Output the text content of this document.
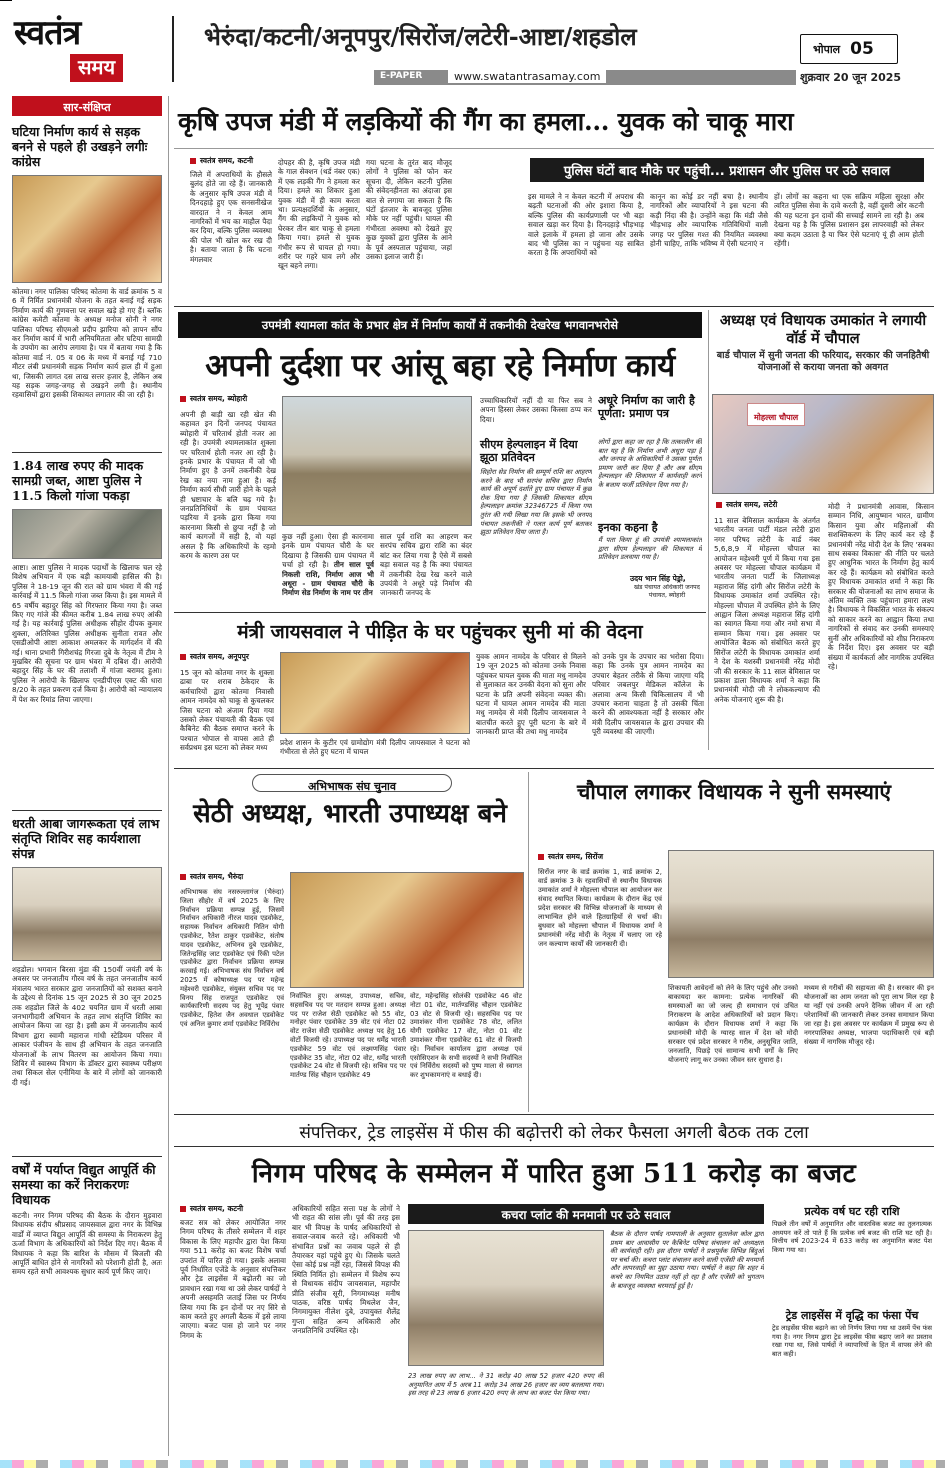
स्वतंत्र
समय
भेरुंदा/कटनी/अनूपपुर/सिरोंज/लटेरी-आष्टा/शहडोल	भोपाल 05
E-PAPER	www.swatantrasamay.com	शुक्रवार 20 जून 2025
सार-संक्षिप्त
घटिया निर्माण कार्य से सड़क बनने से पहले ही उखड़ने लगीः कांग्रेस
कोतमा। नगर पालिका परिषद कोतमा के वार्ड क्रमांक 5 व 6 में निर्मित प्रधानमंत्री योजना के तहत बनाई गई सड़क निर्माण कार्य की गुणवत्ता पर सवाल खड़े हो गए हैं। ब्लॉक कांग्रेस कमेटी कोतमा के अध्यक्ष मनोज सोनी ने नगर पालिका परिषद सीएमओ प्रदीप झारिया को ज्ञापन सौंप कर निर्माण कार्य में भारी अनियमितता और घटिया सामग्री के उपयोग का आरोप लगाया है। पत्र में बताया गया है कि कोतमा वार्ड नं. 05 व 06 के मध्य में बनाई गई 710 मीटर लंबी प्रधानमंत्री सड़क निर्माण कार्य हाल ही में हुआ था, जिसकी लागत दस लाख सत्तर हजार है, लेकिन अब यह सड़क जगह-जगह से उखड़ने लगी है। स्थानीय रहवासियों द्वारा इसकी शिकायत लगातार की जा रही है।
1.84 लाख रुपए की मादक सामग्री जब्त, आष्टा पुलिस ने 11.5 किलो गांजा पकड़ा
आष्टा। आष्टा पुलिस ने मादक पदार्थों के खिलाफ चल रहे विशेष अभियान में एक बड़ी कामयाबी हासिल की है। पुलिस ने 18-19 जून की रात को ग्राम भंवरा में की गई कार्रवाई में 11.5 किलो गांजा जब्त किया है। इस मामले में 65 वर्षीय बहादुर सिंह को गिरफ्तार किया गया है। जब्त किए गए गांजे की कीमत करीब 1.84 लाख रुपए आंकी गई है। यह कार्रवाई पुलिस अधीक्षक सीहोर दीपक कुमार शुक्ला, अतिरिक्त पुलिस अधीक्षक सुनीता रावत और एसडीओपी आष्टा आकाश अमलकर के मार्गदर्शन में की गई। थाना प्रभारी गिरीशचंद्र गिरजा दुबे के नेतृत्व में टीम ने मुखबिर की सूचना पर ग्राम भंवरा में दबिश दी। आरोपी बहादुर सिंह के घर की तलाशी में गांजा बरामद हुआ। पुलिस ने आरोपी के खिलाफ एनडीपीएस एक्ट की धारा 8/20 के तहत प्रकरण दर्ज किया है। आरोपी को न्यायालय में पेश कर रिमांड लिया जाएगा।
धरती आबा जागरूकता एवं लाभ संतृप्ति शिविर सह कार्यशाला संपन्न
शहडोल। भगवान बिरसा मुंडा की 150वीं जयंती वर्ष के अवसर पर जनजातीय गौरव वर्ष के तहत जनजातीय कार्य मंत्रालय भारत सरकार द्वारा जनजातियों को सशक्त बनाने के उद्देश्य से दिनांक 15 जून 2025 से 30 जून 2025 तक शहडोल जिले के 402 चयनित ग्राम में धरती आबा जनभागीदारी अभियान के तहत लाभ संतृप्ति शिविर का आयोजन किया जा रहा है। इसी क्रम में जनजातीय कार्य विभाग द्वारा स्वामी महाराज गांधी स्टेडियम परिसर में आकार पंजीयन के साथ ही अभियान के तहत जनजाति योजनाओं के लाभ वितरण का आयोजन किया गया। शिविर में स्वास्थ्य विभाग के डॉक्टर द्वारा स्वास्थ्य परीक्षण तथा सिकल सेल एनीमिया के बारे में लोगों को जानकारी दी गई।
वर्षों में पर्याप्त विद्युत आपूर्ति की समस्या का करें निराकरणः विधायक
कटनी। नगर निगम परिषद की बैठक के दौरान मुड़वारा विधायक संदीप श्रीप्रसाद जायसवाल द्वारा नगर के विभिन्न वार्डों में व्याप्त विद्युत आपूर्ति की समस्या के निराकरण हेतु ऊर्जा विभाग के अधिकारियों को निर्देश दिए गए। बैठक में विधायक ने कहा कि बारिश के मौसम में बिजली की आपूर्ति बाधित होने से नागरिकों को परेशानी होती है, अतः समय रहते सभी आवश्यक सुधार कार्य पूर्ण किए जाएं।
कृषि उपज मंडी में लड़कियों की गैंग का हमला... युवक को चाकू मारा
स्वतंत्र समय, कटनी
जिले में अपराधियों के हौसले बुलंद होते जा रहे हैं। जानकारी के अनुसार कृषि उपज मंडी में दिनदहाड़े हुए एक सनसनीखेज वारदात ने न केवल आम नागरिकों में भय का माहौल पैदा कर दिया, बल्कि पुलिस व्यवस्था की पोल भी खोल कर रख दी है। बताया जाता है कि घटना मंगलवार
दोपहर की है, कृषि उपज मंडी के गाल सेक्शन (थर्ड नंबर एक) में एक लड़की गैंग ने हमला कर दिया। हमले का शिकार हुआ युवक मंडी में ही काम करता था। प्रत्यक्षदर्शियों के अनुसार, गैंग की लड़कियों ने युवक को घेरकर तीन बार चाकू से हमला किया गया। हमले से युवक गंभीर रूप से घायल हो गया। शरीर पर गहरे घाव लगे और खून बहने लगा।
गया घटना के तुरंत बाद मौजूद लोगों ने पुलिस को फोन कर सूचना दी, लेकिन कटनी पुलिस की संवेदनहीनता का अंदाजा इस बात से लगाया जा सकता है कि घंटों इंतजार के बावजूद पुलिस मौके पर नहीं पहुंची। घायल की गंभीरता अवस्था को देखते हुए कुछ युवकों द्वारा पुलिस के आने के पूर्व अस्पताल पहुंचाया, जहां उसका इलाज जारी है।
पुलिस घंटों बाद मौके पर पहुंची... प्रशासन और पुलिस पर उठे सवाल
इस मामले ने न केवल कटनी में अपराध की बढ़ती घटनाओं की ओर इशारा किया है, बल्कि पुलिस की कार्यप्रणाली पर भी बड़ा सवाल खड़ा कर दिया है। दिनदहाड़े भीड़भाड़ वाले इलाके में हमला हो जाना और उसके बाद भी पुलिस का न पहुंचना यह साबित करता है कि अपराधियों को
कानून का कोई डर नहीं बचा है। स्थानीय नागरिकों और व्यापारियों ने इस घटना की कड़ी निंदा की है। उन्होंने कहा कि मंडी जैसे भीड़भाड़ और व्यापारिक गतिविधियों वाली जगह पर पुलिस गश्त की नियमित व्यवस्था होनी चाहिए, ताकि भविष्य में ऐसी घटनाएं न
हों। लोगों का कहना था एक सक्रिय महिला सुरक्षा और त्वरित पुलिस सेवा के दावे करती है, वहीं दूसरी ओर कटनी की यह घटना इन दावों की सच्चाई सामने ला रही है। अब देखना यह है कि पुलिस प्रशासन इस लापरवाही को लेकर क्या कदम उठाता है या फिर ऐसे घटनाएं यूं ही आम होती रहेंगी।
उपमंत्री श्यामला कांत के प्रभार क्षेत्र में निर्माण कार्यों में तकनीकी देखरेख भगवानभरोसे
अपनी दुर्दशा पर आंसू बहा रहे निर्माण कार्य
स्वतंत्र समय, ब्योहारी
अपनी ही बाड़ी खा रही खेत की कहावत इन दिनों जनपद पंचायत ब्योहारी में चरितार्थ होती नजर आ रही है। उपमंत्री श्यामलाकांत शुक्ला पर चरितार्थ होती नजर आ रही है। इनके प्रभार के पंचायत में जो भी निर्माण हुए है उनमें तकनीकी देख रेख का नया नाम हुआ है। कई निर्माण कार्य सीधी जारी होने के पहले ही भ्रष्टाचार के बलि चढ़ गये है। जनप्रतिनिधियों के ग्राम पंचायत पड़रिया में इनके द्वारा किया गया कारनामा किसी से छुपा नहीं है जो कार्य कागजों में सही है, वो यहां असल है कि अधिकारियों के रहमो करम के कारण उस पर
कुछ नहीं हुआ। ऐसा ही कारनामा इनके ग्राम पंचायत चौरी के घर दिखाया है जिसकी ग्राम पंचायत में चर्चा हो रही है। तीन साल पूर्व निकली राशि, निर्माण आज भी अधूरा - ग्राम पंचायत चौरी के निर्माण सेड निर्माण के नाम पर तीन
साल पूर्व राशि का आहरण कर सरपंच सचिव द्वारा राशि का बंदर बांट कर लिया गया है ऐसे में सबसे बड़ा सवाल यह है कि क्या पंचायत में तकनीकी देख रेख करने वाले उपयंत्री ने अधूरे पड़े निर्माण की जानकारी जनपद के
उच्चाधिकारियों नहीं दी या फिर सब ने अपना हिस्सा लेकर उसका किस्सा ठप्प कर दिया।
सीएम हेल्पलाइन में दिया झूठा प्रतिवेदन
सिहोरा सेड निर्माण की सम्पूर्ण राशि का आहरण करने के बाद भी सरपंच सचिव द्वारा निर्माण कार्य की अपूर्ण दर्शाते हुए ग्राम पंचायत में कुछ रोक दिया गया है जिसकी शिकायत सीएम हेल्पलाइन क्रमांक 32346725 में किया गया तुरंत की गयी लिखा गया कि इसके भी जनपद पंचायत तकनीकी ने गलत कार्य पूर्ण बताकर झूठा प्रतिवेदन दिया जाता है।
अधूरे निर्माण का जारी है पूर्णता: प्रमाण पत्र
लोगों द्वारा कहा जा रहा है कि तत्कालीन की बात यह है कि निर्माण अभी अधूरा पड़ा है और जनपद के अधिकारियों ने उसका पूर्णता प्रमाण जारी कर दिया है और अब सीएम हेल्पलाइन की शिकायत में कार्यवाही करने के बजाय फर्जी प्रतिवेदन दिया गया है।
इनका कहना है
मैं पता किया हूं की उपयंत्री श्यामलाकांत द्वारा सीएम हेल्पलाइन की शिकायत में प्रतिवेदन डलवाया गया है।
उदय भान सिंह पेड्रो,
खंड पंचायत अधिकारी जनपद पंचायत, ब्योहारी
अध्यक्ष एवं विधायक उमाकांत ने लगायी वॉर्ड में चौपाल
बार्ड चौपाल में सुनी जनता की फरियाद, सरकार की जनहितैषी योजनाओं से कराया जनता को अवगत
मोहल्ला चौपाल
स्वतंत्र समय, लटेरी
11 साल बेमिसाल कार्यक्रम के अंतर्गत भारतीय जनता पार्टी मंडल लटेरी द्वारा नगर परिषद लटेरी के वार्ड नंबर 5,6,8,9 में मोहल्ला चौपाल का आयोजन महेश्वरी पूर्ण में किया गया इस अवसर पर मोहल्ला चौपाल कार्यक्रम में भारतीय जनता पार्टी के जिलाध्यक्ष महाराज सिंह दांगी और सिरोंज लटेरी के विधायक उमाकांत शर्मा उपस्थित रहे। मोहल्ला चौपाल में उपस्थित होने के लिए आह्वान जिला अध्यक्ष महाराज सिंह दांगी का स्वागत किया गया और नमो सभा में सम्मान किया गया। इस अवसर पर आयोजित बैठक को संबोधित करते हुए सिरोंज लटेरी के विधायक उमाकांत शर्मा ने देश के यशस्वी प्रधानमंत्री नरेंद्र मोदी जी की सरकार के 11 साल बेमिसाल पर प्रकाश डाला विधायक शर्मा ने कहा कि प्रधानमंत्री मोदी जी ने लोककल्याण की अनेक योजनाएं शुरू की है।
मोदी ने प्रधानमंत्री आवास, किसान सम्मान निधि, आयुष्मान भारत, ग्रामीण किसान युवा और महिलाओं की सशक्तिकरण के लिए कार्य कर रहे हैं प्रधानमंत्री नरेंद्र मोदी देश के लिए 'सबका साथ सबका विकास' की नीति पर चलते हुए आधुनिक भारत के निर्माण हेतु कार्य कर रहे हैं। कार्यक्रम को संबोधित करते हुए विधायक उमाकांत शर्मा ने कहा कि सरकार की योजनाओं का लाभ समाज के अंतिम व्यक्ति तक पहुंचाना हमारा लक्ष्य है। विधायक ने विकसित भारत के संकल्प को साकार करने का आह्वान किया तथा नागरिकों से संवाद कर उनकी समस्याएं सुनीं और अधिकारियों को शीघ्र निराकरण के निर्देश दिए। इस अवसर पर बड़ी संख्या में कार्यकर्ता और नागरिक उपस्थित रहे।
मंत्री जायसवाल ने पीड़ित के घर पहुंचकर सुनी मां की वेदना
स्वतंत्र समय, अनूपपुर
15 जून को कोतमा नगर के शुक्ला ढाबा पर शराब ठेकेदार के कर्मचारियों द्वारा कोतमा निवासी आमन नामदेव को चाकू से कुचलकर जिस घटना को अंजाम दिया गया उसको लेकर पंचायती की बैठक एवं कैबिनेट की बैठक समाप्त करने के पश्चात भोपाल से वापस आते ही सर्वप्रथम इस घटना को लेकर मध्य
प्रदेश शासन के कुटीर एवं ग्रामोद्योग मंत्री दिलीप जायसवाल ने घटना को गंभीरता से लेते हुए घटना में घायल
युवक आमन नामदेव के परिवार से मिलने 19 जून 2025 को कोतमा उनके निवास पहुंचकर घायल युवक की माता मधु नामदेव से मुलाकात कर उनकी वेदना को सुना और घटना के प्रति अपनी संवेदना व्यक्त की। घटना में घायल आमन नामदेव की माता मधु नामदेव से मंत्री दिलीप जायसवाल ने बातचीत करते हुए पूरी घटना के बारे में जानकारी प्राप्त की तथा मधु नामदेव
को उनके पुत्र के उपचार का भरोसा दिया। कहा कि उनके पुत्र आमन नामदेव का उपचार बेहतर तरीके से किया जाएगा यदि परिवार जबलपुर मेडिकल कॉलेज के अलावा अन्य किसी चिकित्सालय में भी उपचार कराना चाहता है तो उसकी चिंता करने की आवश्यकता नहीं है सरकार और मंत्री दिलीप जायसवाल के द्वारा उपचार की पूरी व्यवस्था की जाएगी।
अभिभाषक संघ चुनाव
सेठी अध्यक्ष, भारती उपाध्यक्ष बने
स्वतंत्र समय, भैरुंदा
अभिभाषक संघ नसरुल्लागंज (भैरुंदा) जिला सीहोर में वर्ष 2025 के लिए निर्वाचन प्रक्रिया सम्पन्न हुई, जिसमें निर्वाचन अधिकारी नीरज यादव एडवोकेट, सहायक निर्वाचन अधिकारी नितिन योगी एडवोकेट, रैतेश ठाकुर एडवोकेट, संतोष यादव एडवोकेट, अभिनव दुबे एडवोकेट, जितेन्द्रसिंह जाट एडवोकेट एवं रिंकी पटेल एडवोकेट द्वारा निर्वाचन प्रक्रिया सम्पन्न करवाई गई। अभिभाषक संघ निर्वाचन वर्ष 2025 में कोषाध्यक्ष पद पर महेन्द्र महेश्वरी एडवोकेट, संयुक्त सचिव पद पर विनय सिंह राजपूत एडवोकेट एवं कार्यकारिणी सदस्य पद हेतु भूपेंद्र पंवार एडवोकेट, हितेश जैन अवधाल एडवोकेट एवं अनिल कुमार शर्मा एडवोकेट निर्विरोध
निर्वाचित हुए। अध्यक्ष, उपाध्यक्ष, सचिव, सहसचिव पद पर मतदान सम्पन्न हुआ। अध्यक्ष पद पर राजेश सेठी एडवोकेट को 55 वोट, मनोहर पंवार एडवोकेट 39 वोट एवं नोटा 02 वोट राजेश सेठी एडवोकेट अध्यक्ष पद हेतु 16 वोटों विजयी रहे। उपाध्यक्ष पद पर धर्मेंद्र भारती एडवोकेट 59 वोट एवं लक्ष्मणसिंह पंवार एडवोकेट 35 वोट, नोटा 02 वोट, धर्मेंद्र भारती एडवोकेट 24 वोट से विजयी रहे। सचिव पद पर मार्तण्ड सिंह चौहान एडवोकेट 49
वोट, महेन्द्रसिंह सोलंकी एडवोकेट 46 वोट नोटा 01 वोट, मार्तण्डसिंह चौहान एडवोकेट 03 वोट से विजयी रहे। सहसचिव पद पर उमाशंकर मीना एडवोकेट 78 वोट, ललित योगी एडवोकेट 17 वोट, नोटा 01 वोट उमाशंकर मीना एडवोकेट 61 वोट से विजयी रहे। निर्वाचन कार्यालय द्वारा अध्यक्ष एवं एसोसिएशन के सभी सदस्यों ने सभी निर्वाचित एवं निर्विरोध सदस्यों को पुष्प माला से स्वागत कर शुभकामनाएं व बधाई दी।
चौपाल लगाकर विधायक ने सुनी समस्याएं
स्वतंत्र समय, सिरोंज
सिरोंज नगर के वार्ड क्रमांक 1, वार्ड क्रमांक 2, वार्ड क्रमांक 3 के रहवासियों से स्थानीय विधायक उमाकांत शर्मा ने मोहल्ला चौपाल का आयोजन कर संवाद स्थापित किया। कार्यक्रम के दौरान केंद्र एवं प्रदेश सरकार की विभिन्न योजनाओं के माध्यम से लाभान्वित होने वाले हितग्राहियों से चर्चा की। बुधवार को मोहल्ला चौपाल में विधायक शर्मा ने प्रधानमंत्री नरेंद्र मोदी के नेतृत्व में चलाए जा रहे जन कल्याण कार्यों की जानकारी दी।
शिकायती आवेदनों को लेने के लिए पहुंचे और उनको बाकायदा कर कामना: प्रत्येक नागरिकों की समस्याओं का जो जल्द ही समाधान एवं उचित निराकरण के आदेश अधिकारियों को प्रदान किए। कार्यक्रम के दौरान विधायक शर्मा ने कहा कि प्रधानमंत्री मोदी के ग्यारह साल में देश को मोदी सरकार एवं प्रदेश सरकार ने गरीब, अनुसूचित जाति, जनजाति, पिछड़े एवं सामान्य सभी वर्गों के लिए योजनाएं लागू कर उनका जीवन स्तर सुधारा है।
मध्यम से गरीबों की सहायता की है। सरकार की इन योजनाओं का आम जनता को पूरा लाभ मिल रहा है या नहीं एवं उनकी अपने दैनिक जीवन में आ रही परेशानियों की जानकारी लेकर उनका समाधान किया जा रहा है। इस अवसर पर कार्यक्रम में प्रमुख रूप से नगरपालिका अध्यक्ष, भाजपा पदाधिकारी एवं बड़ी संख्या में नागरिक मौजूद रहे।
संपत्तिकर, ट्रेड लाइसेंस में फीस की बढ़ोत्तरी को लेकर फैसला अगली बैठक तक टला
निगम परिषद के सम्मेलन में पारित हुआ 511 करोड़ का बजट
स्वतंत्र समय, कटनी
बजट सत्र को लेकर आयोजित नगर निगम परिषद के तीसरे सम्मेलन में शहर विकास के लिए महापौर द्वारा पेश किया गया 511 करोड़ का बजट विशेष चर्चा उपरांत में पारित हो गया। इसके अलावा पूर्व निर्धारित एजेंडे के अनुसार संपत्तिकर और ट्रेड लाइसेंस में बढ़ोतरी का जो प्रावधान रखा गया था उसे लेकर पार्षदों ने अपनी असहमति जताई जिस पर निर्णय लिया गया कि इन दोनों पर नए सिरे से काम करते हुए अगली बैठक में इसे लाया जाएगा। बजट पास हो जाने पर नगर निगम के
अधिकारियों सहित सत्ता पक्ष के लोगों ने भी राहत की सांस ली। पूर्व की तरह इस बार भी विपक्ष के पार्षद अधिकारियों से सवाल-जवाब करते रहे। अधिकारी भी संभावित प्रश्नों का जवाब पहले से ही तैयारकर यहां पहुंचे हुए थे। जिसके चलते ऐसा कोई प्रश्न नहीं रहा, जिससे विपक्ष की स्थिति निर्मित हो। सम्मेलन में विशेष रूप से विधायक संदीप जायसवाल, महापौर प्रीति संजीव सूरी, निगमाध्यक्ष मनीष पाठक, वरिष्ठ पार्षद मिथलेश जैन, निगमायुक्त नीलेश दुबे, उपायुक्त शैलेंद्र गुप्ता सहित अन्य अधिकारी और जनप्रतिनिधि उपस्थित रहे।
कचरा प्लांट की मनमानी पर उठे सवाल
बैठक के दौरान पार्षद नामपाली के अनुसार सुतालेवा कोल द्वारा प्रथम बार आवासीय पर कैबिनेट परिषद संचालन को अध्यक्षता की कार्यवाही रही। इस दौरान पार्षदों ने प्रश्नपूर्वक विभिन्न बिंदुओं पर चर्चा की। कचरा प्लांट संचालन करने वाली एजेंसी की मनमानी और लापरवाही का मुद्दा उठाया गया। पार्षदों ने कहा कि शहर में कचरे का नियमित उठाव नहीं हो रहा है और एजेंसी को भुगतान के बावजूद व्यवस्था चरमराई हुई है।
23 लाख रुपए का लाभ... ने 31 करोड़ 40 लाख 52 हजार 420 रुपए की अनुमानित आय में 5 अरब 11 करोड़ 34 लाख 26 हजार का व्यय बतलाया गया। इस तरह से 23 लाख 6 हजार 420 रुपए के लाभ का बजट पेश किया गया।
प्रत्येक वर्ष घट रही राशि
पिछले तीन वर्षों में अनुमानित और वास्तविक बजट का तुलनात्मक अध्ययन करें तो पाते हैं कि प्रत्येक वर्ष बजट की राशि घट रही है। वित्तीय वर्ष 2023-24 में 633 करोड़ का अनुमानित बजट पेश किया गया था।
ट्रेड लाइसेंस में वृद्धि का फंसा पेंच
ट्रेड लाइसेंस फीस बढ़ाने का जो निर्णय लिया गया था उसमें पेंच फंस गया है। नगर निगम द्वारा ट्रेड लाइसेंस फीस बढ़ाए जाने का प्रस्ताव रखा गया था, जिसे पार्षदों ने व्यापारियों के हित में वापस लेने की बात कही।
